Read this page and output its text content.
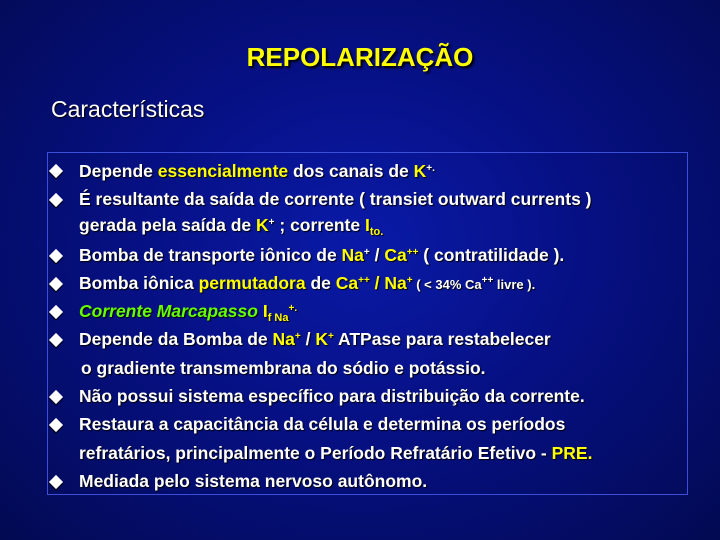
REPOLARIZAÇÃO
Características
Depende essencialmente dos canais de K+.
É resultante da saída de corrente ( transiet outward currents )
gerada pela saída de K+ ; corrente $I_{to.}$
Bomba de transporte iônico de Na+ / Ca++ ( contratilidade ).
Bomba iônica permutadora de Ca++ / Na+ ( < 34% Ca++ livre ).
Corrente Marcapasso $I_{f Na}^{+.}$
Depende da Bomba de Na+ / K+ ATPase para restabelecer
o gradiente transmembrana do sódio e potássio.
Não possui sistema específico para distribuição da corrente.
Restaura a capacitância da célula e determina os períodos
refratários, principalmente o Período Refratário Efetivo - PRE.
Mediada pelo sistema nervoso autônomo.
